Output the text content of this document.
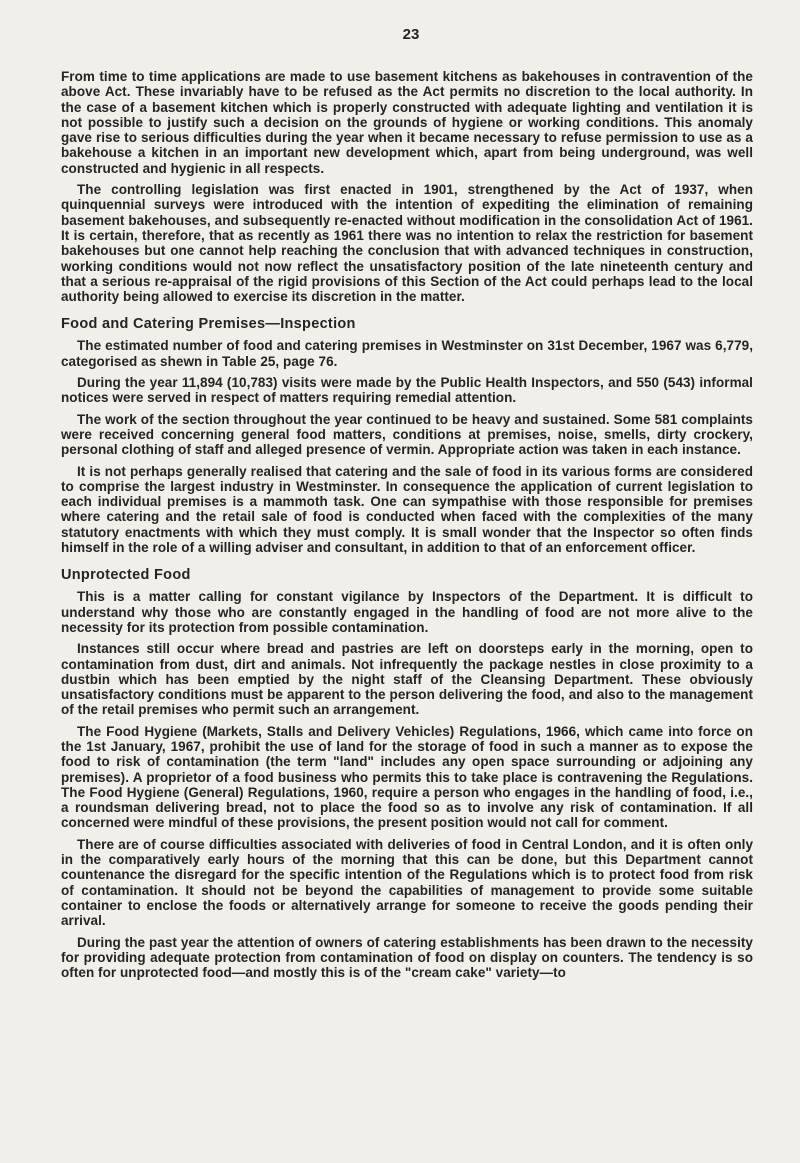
23

From time to time applications are made to use basement kitchens as bakehouses in contravention of the above Act. These invariably have to be refused as the Act permits no discretion to the local authority. In the case of a basement kitchen which is properly constructed with adequate lighting and ventilation it is not possible to justify such a decision on the grounds of hygiene or working conditions. This anomaly gave rise to serious difficulties during the year when it became necessary to refuse permission to use as a bakehouse a kitchen in an important new development which, apart from being underground, was well constructed and hygienic in all respects.

The controlling legislation was first enacted in 1901, strengthened by the Act of 1937, when quinquennial surveys were introduced with the intention of expediting the elimination of remaining basement bakehouses, and subsequently re-enacted without modification in the consolidation Act of 1961. It is certain, therefore, that as recently as 1961 there was no intention to relax the restriction for basement bakehouses but one cannot help reaching the conclusion that with advanced techniques in construction, working conditions would not now reflect the unsatisfactory position of the late nineteenth century and that a serious re-appraisal of the rigid provisions of this Section of the Act could perhaps lead to the local authority being allowed to exercise its discretion in the matter.

Food and Catering Premises—Inspection

The estimated number of food and catering premises in Westminster on 31st December, 1967 was 6,779, categorised as shewn in Table 25, page 76.

During the year 11,894 (10,783) visits were made by the Public Health Inspectors, and 550 (543) informal notices were served in respect of matters requiring remedial attention.

The work of the section throughout the year continued to be heavy and sustained. Some 581 complaints were received concerning general food matters, conditions at premises, noise, smells, dirty crockery, personal clothing of staff and alleged presence of vermin. Appropriate action was taken in each instance.

It is not perhaps generally realised that catering and the sale of food in its various forms are considered to comprise the largest industry in Westminster. In consequence the application of current legislation to each individual premises is a mammoth task. One can sympathise with those responsible for premises where catering and the retail sale of food is conducted when faced with the complexities of the many statutory enactments with which they must comply. It is small wonder that the Inspector so often finds himself in the role of a willing adviser and consultant, in addition to that of an enforcement officer.

Unprotected Food

This is a matter calling for constant vigilance by Inspectors of the Department. It is difficult to understand why those who are constantly engaged in the handling of food are not more alive to the necessity for its protection from possible contamination.

Instances still occur where bread and pastries are left on doorsteps early in the morning, open to contamination from dust, dirt and animals. Not infrequently the package nestles in close proximity to a dustbin which has been emptied by the night staff of the Cleansing Department. These obviously unsatisfactory conditions must be apparent to the person delivering the food, and also to the management of the retail premises who permit such an arrangement.

The Food Hygiene (Markets, Stalls and Delivery Vehicles) Regulations, 1966, which came into force on the 1st January, 1967, prohibit the use of land for the storage of food in such a manner as to expose the food to risk of contamination (the term "land" includes any open space surrounding or adjoining any premises). A proprietor of a food business who permits this to take place is contravening the Regulations. The Food Hygiene (General) Regulations, 1960, require a person who engages in the handling of food, i.e., a roundsman delivering bread, not to place the food so as to involve any risk of contamination. If all concerned were mindful of these provisions, the present position would not call for comment.

There are of course difficulties associated with deliveries of food in Central London, and it is often only in the comparatively early hours of the morning that this can be done, but this Department cannot countenance the disregard for the specific intention of the Regulations which is to protect food from risk of contamination. It should not be beyond the capabilities of management to provide some suitable container to enclose the foods or alternatively arrange for someone to receive the goods pending their arrival.

During the past year the attention of owners of catering establishments has been drawn to the necessity for providing adequate protection from contamination of food on display on counters. The tendency is so often for unprotected food—and mostly this is of the "cream cake" variety—to
